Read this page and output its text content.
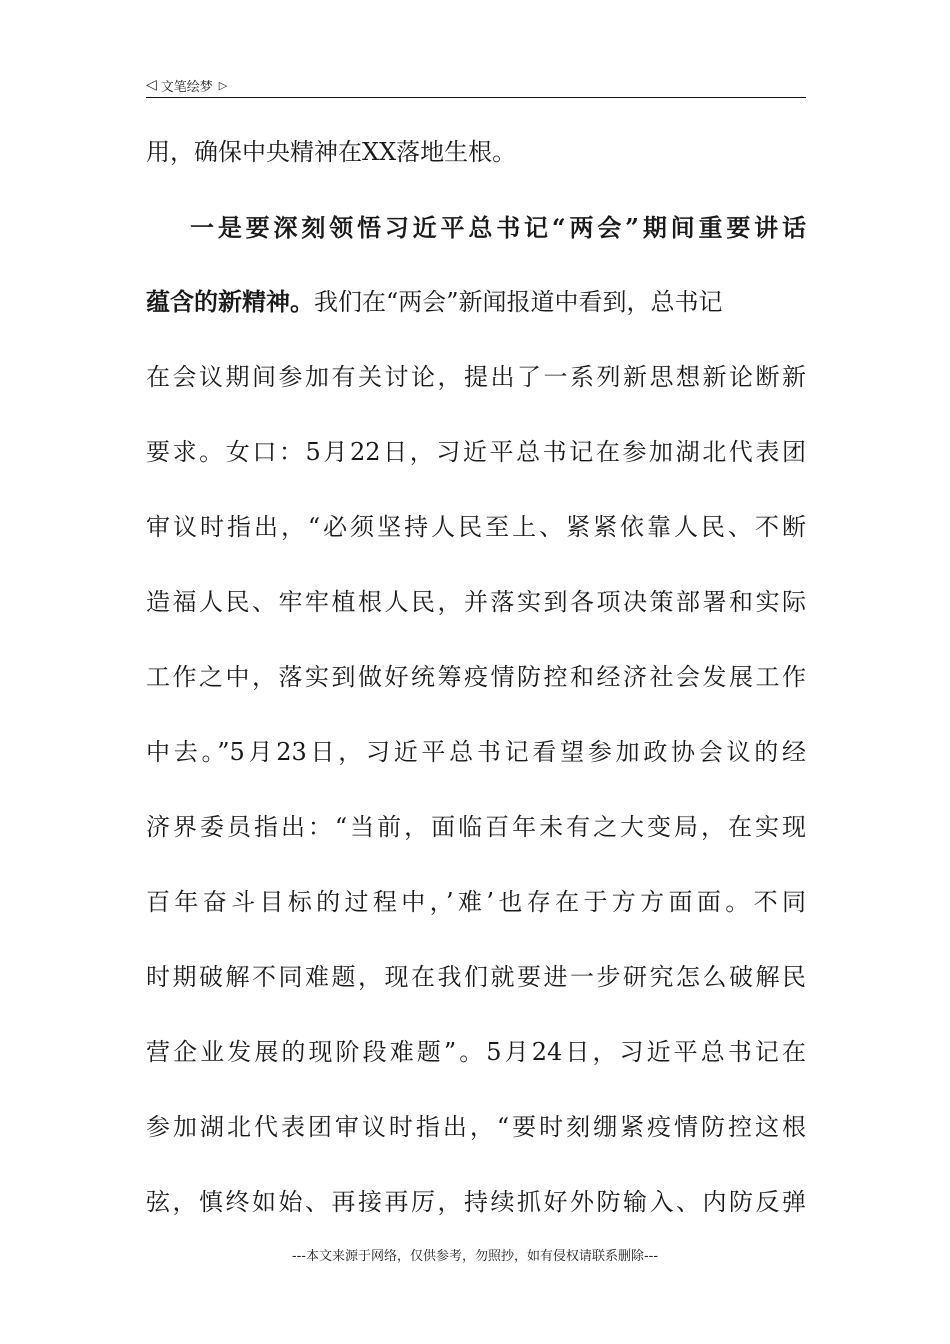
◁ 文笔绘梦 ▷
用，确保中央精神在XX落地生根。
一是要深刻领悟习近平总书记“两会”期间重要讲话
蕴含的新精神。我们在“两会”新闻报道中看到，总书记
在会议期间参加有关讨论，提出了一系列新思想新论断新
要求。女口：5月22日，习近平总书记在参加湖北代表团
审议时指出，“必须坚持人民至上、紧紧依靠人民、不断
造福人民、牢牢植根人民，并落实到各项决策部署和实际
工作之中，落实到做好统筹疫情防控和经济社会发展工作
中去。”5月23日，习近平总书记看望参加政协会议的经
济界委员指出：“当前，面临百年未有之大变局，在实现
百年奋斗目标的过程中，’难’也存在于方方面面。不同
时期破解不同难题，现在我们就要进一步研究怎么破解民
营企业发展的现阶段难题”。5月24日，习近平总书记在
参加湖北代表团审议时指出，“要时刻绷紧疫情防控这根
弦，慎终如始、再接再厉，持续抓好外防输入、内防反弹
---本文来源于网络，仅供参考，勿照抄，如有侵权请联系删除---
